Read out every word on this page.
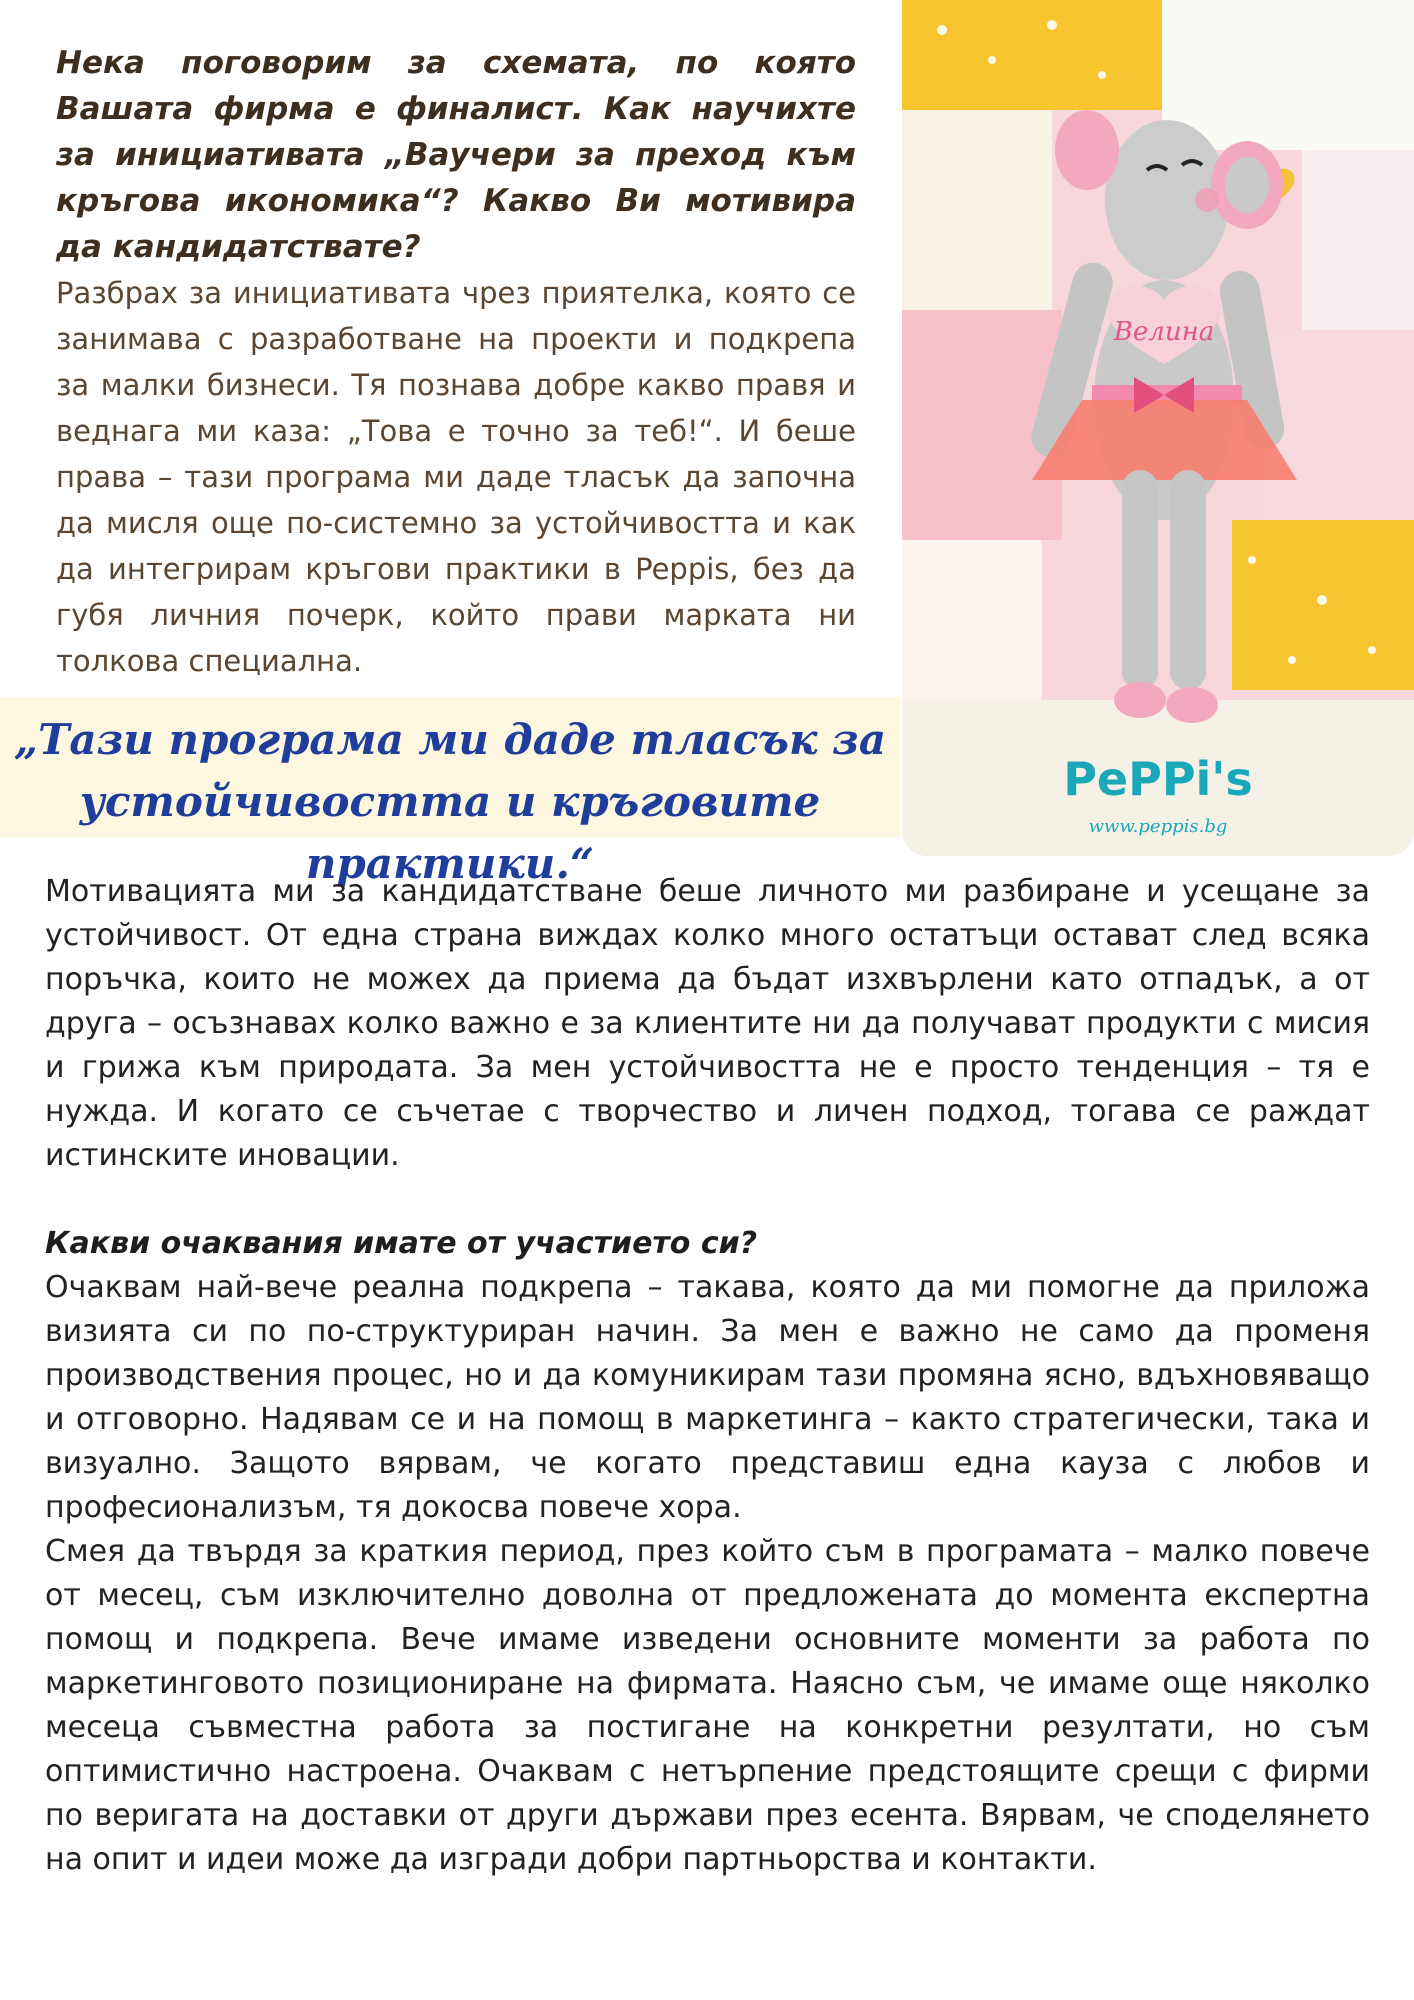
Нека поговорим за схемата, по която Вашата фирма е финалист. Как научихте за инициативата „Ваучери за преход към кръгова икономика“? Какво Ви мотивира да кандидатствате?

Разбрах за инициативата чрез приятелка, която се занимава с разработване на проекти и подкрепа за малки бизнеси. Тя познава добре какво правя и веднага ми каза: „Това е точно за теб!“. И беше права – тази програма ми даде тласък да започна да мисля още по-системно за устойчивостта и как да интегрирам кръгови практики в Peppis, без да губя личния почерк, който прави марката ни толкова специална.

„Тази програма ми даде тласък за
устойчивостта и кръговите практики.“
Велина
PePPi's
www.peppis.bg

Мотивацията ми за кандидатстване беше личното ми разбиране и усещане за устойчивост. От една страна виждах колко много остатъци остават след всяка поръчка, които не можех да приема да бъдат изхвърлени като отпадък, а от друга – осъзнавах колко важно е за клиентите ни да получават продукти с мисия и грижа към природата. За мен устойчивостта не е просто тенденция – тя е нужда. И когато се съчетае с творчество и личен подход, тогава се раждат истинските иновации.

Какви очаквания имате от участието си?

Очаквам най-вече реална подкрепа – такава, която да ми помогне да приложа визията си по по-структуриран начин. За мен е важно не само да променя производствения процес, но и да комуникирам тази промяна ясно, вдъхновяващо и отговорно. Надявам се и на помощ в маркетинга – както стратегически, така и визуално. Защото вярвам, че когато представиш една кауза с любов и професионализъм, тя докосва повече хора.

Смея да твърдя за краткия период, през който съм в програмата – малко повече от месец, съм изключително доволна от предложената до момента експертна помощ и подкрепа. Вече имаме изведени основните моменти за работа по маркетинговото позициониране на фирмата. Наясно съм, че имаме още няколко месеца съвместна работа за постигане на конкретни резултати, но съм оптимистично настроена. Очаквам с нетърпение предстоящите срещи с фирми по веригата на доставки от други държави през есента. Вярвам, че споделянето на опит и идеи може да изгради добри партньорства и контакти.
